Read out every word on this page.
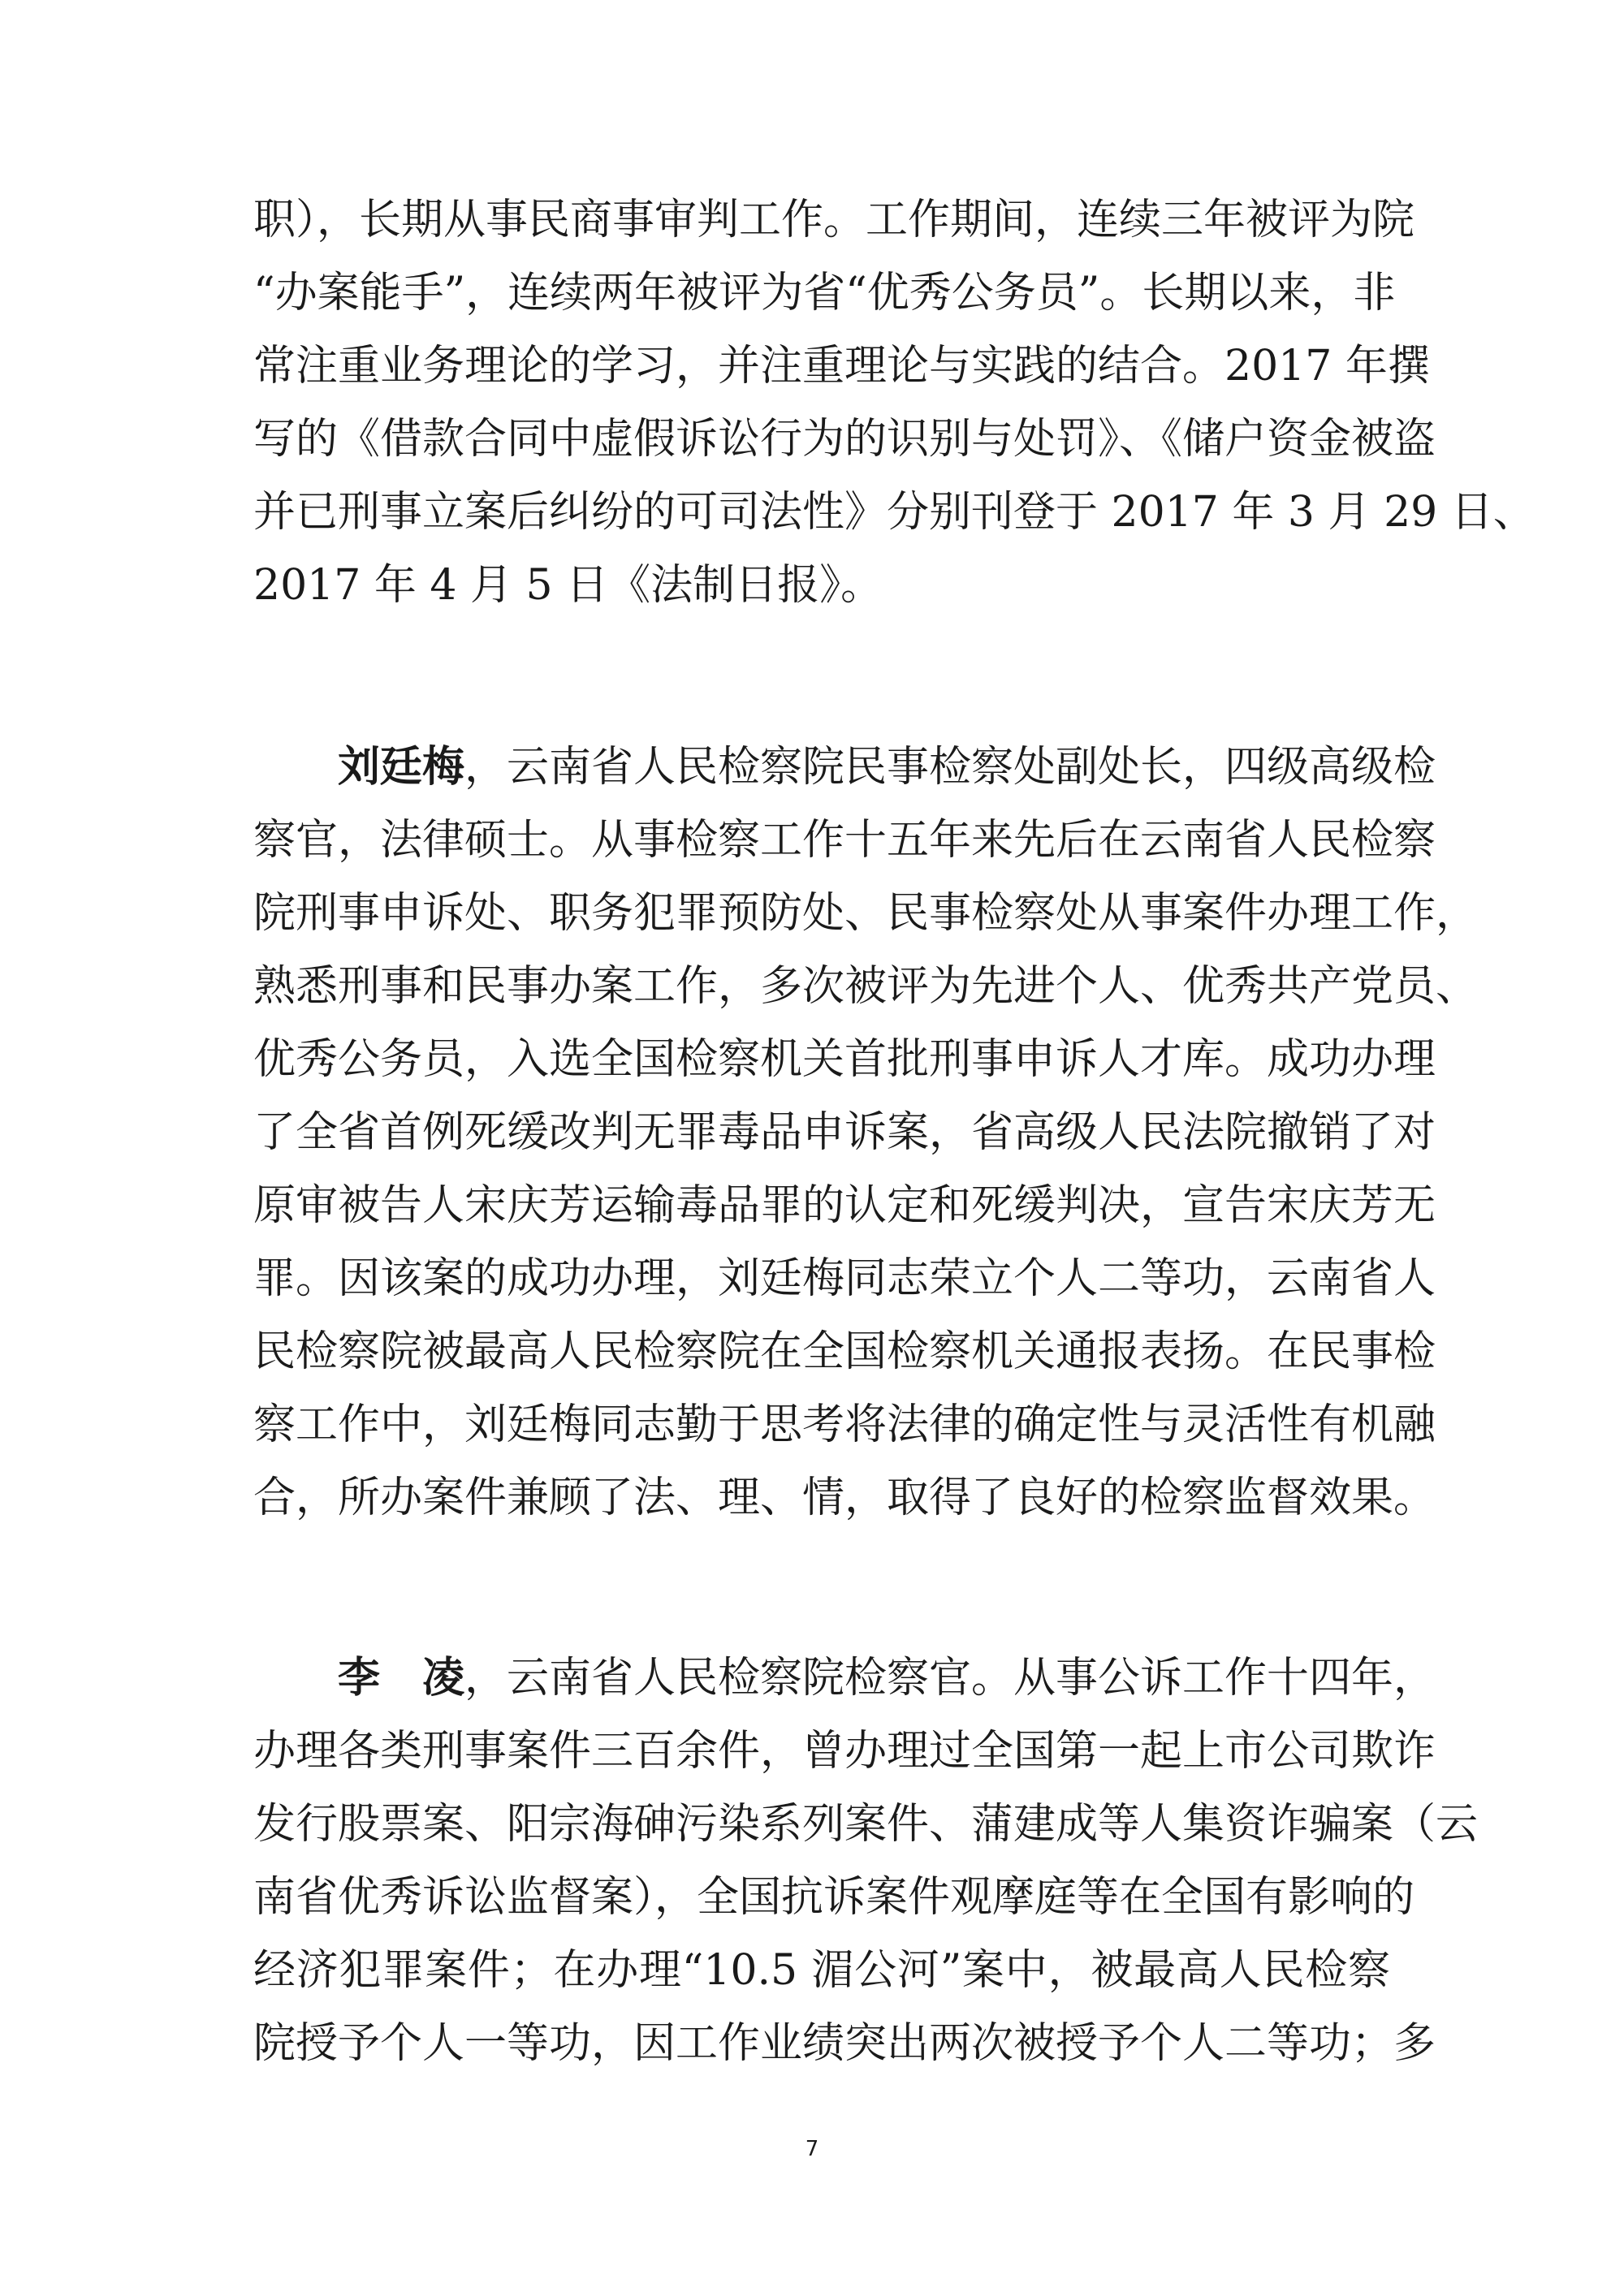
职），长期从事民商事审判工作。工作期间，连续三年被评为院
“办案能手”，连续两年被评为省“优秀公务员”。长期以来，非
常注重业务理论的学习，并注重理论与实践的结合。2017 年撰
写的《借款合同中虚假诉讼行为的识别与处罚》、《储户资金被盗
并已刑事立案后纠纷的可司法性》分别刊登于 2017 年 3 月 29 日、
2017 年 4 月 5 日《法制日报》。
刘廷梅，云南省人民检察院民事检察处副处长，四级高级检
察官，法律硕士。从事检察工作十五年来先后在云南省人民检察
院刑事申诉处、职务犯罪预防处、民事检察处从事案件办理工作，
熟悉刑事和民事办案工作，多次被评为先进个人、优秀共产党员、
优秀公务员，入选全国检察机关首批刑事申诉人才库。成功办理
了全省首例死缓改判无罪毒品申诉案，省高级人民法院撤销了对
原审被告人宋庆芳运输毒品罪的认定和死缓判决，宣告宋庆芳无
罪。因该案的成功办理，刘廷梅同志荣立个人二等功，云南省人
民检察院被最高人民检察院在全国检察机关通报表扬。在民事检
察工作中，刘廷梅同志勤于思考将法律的确定性与灵活性有机融
合，所办案件兼顾了法、理、情，取得了良好的检察监督效果。
李　凌，云南省人民检察院检察官。从事公诉工作十四年，
办理各类刑事案件三百余件，曾办理过全国第一起上市公司欺诈
发行股票案、阳宗海砷污染系列案件、蒲建成等人集资诈骗案（云
南省优秀诉讼监督案），全国抗诉案件观摩庭等在全国有影响的
经济犯罪案件；在办理“10.5 湄公河”案中，被最高人民检察
院授予个人一等功，因工作业绩突出两次被授予个人二等功；多
7
